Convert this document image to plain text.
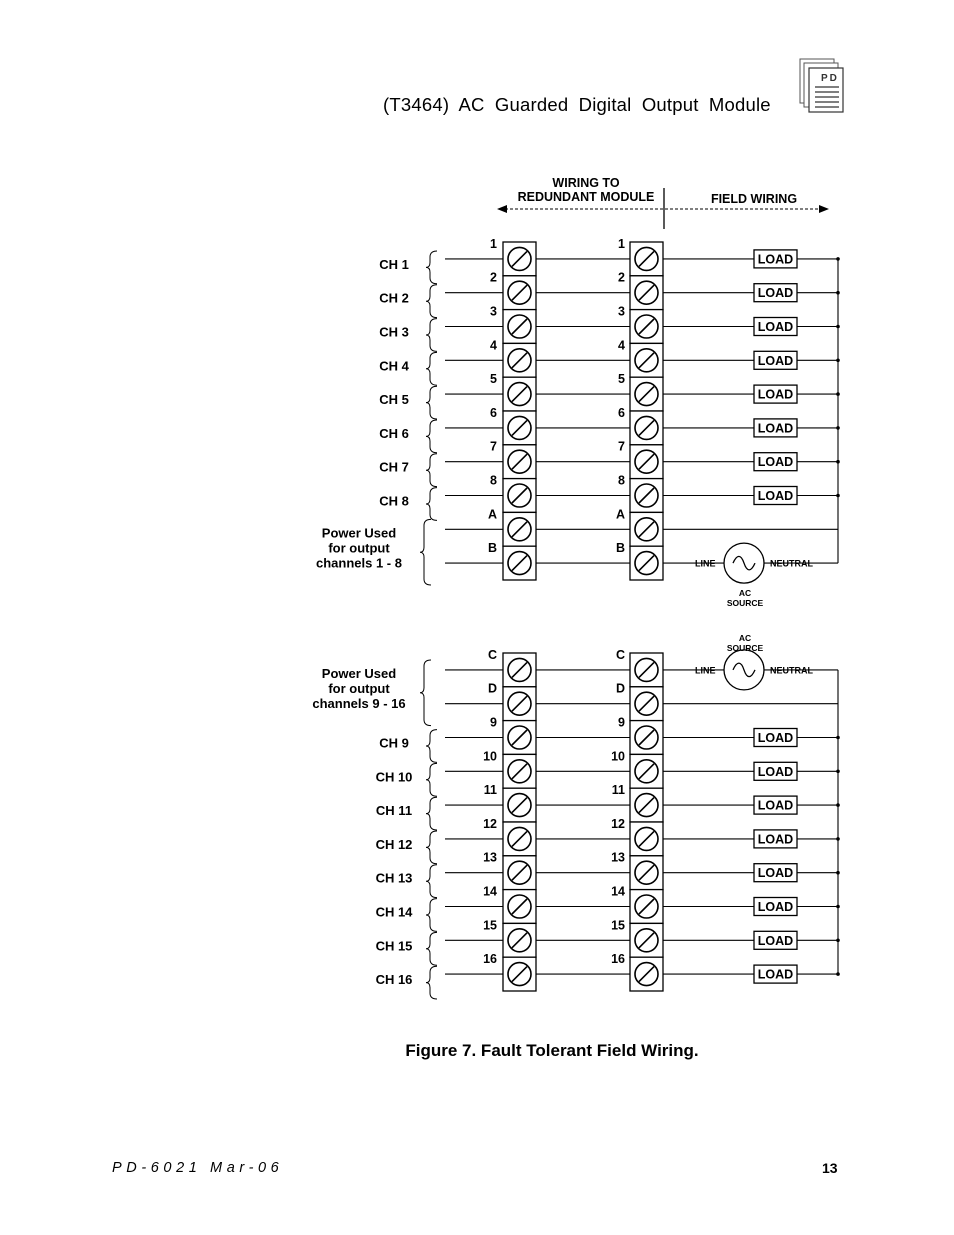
(T3464) AC Guarded Digital Output Module
PD
WIRING TO
REDUNDANT MODULE	FIELD WIRING
1	1
2	2
3	3
4	4
5	5
6	6
7	7
8	8
A	A
B	B
CH 1
CH 2
CH 3
CH 4
CH 5
CH 6
CH 7
CH 8
Power Used
for output
channels 1 - 8
LOAD
LOAD
LOAD
LOAD
LOAD
LOAD
LOAD
LOAD
LINE	NEUTRAL
AC
SOURCE
C	C
D	D
9	9
10	10
11	11
12	12
13	13
14	14
15	15
16	16
CH 9
CH 10
CH 11
CH 12
CH 13
CH 14
CH 15
CH 16
Power Used
for output
channels 9 - 16
LOAD
LOAD
LOAD
LOAD
LOAD
LOAD
LOAD
LOAD
LINE	NEUTRAL
AC
SOURCE
Figure 7. Fault Tolerant Field Wiring.
PD-6021 Mar-06	13
